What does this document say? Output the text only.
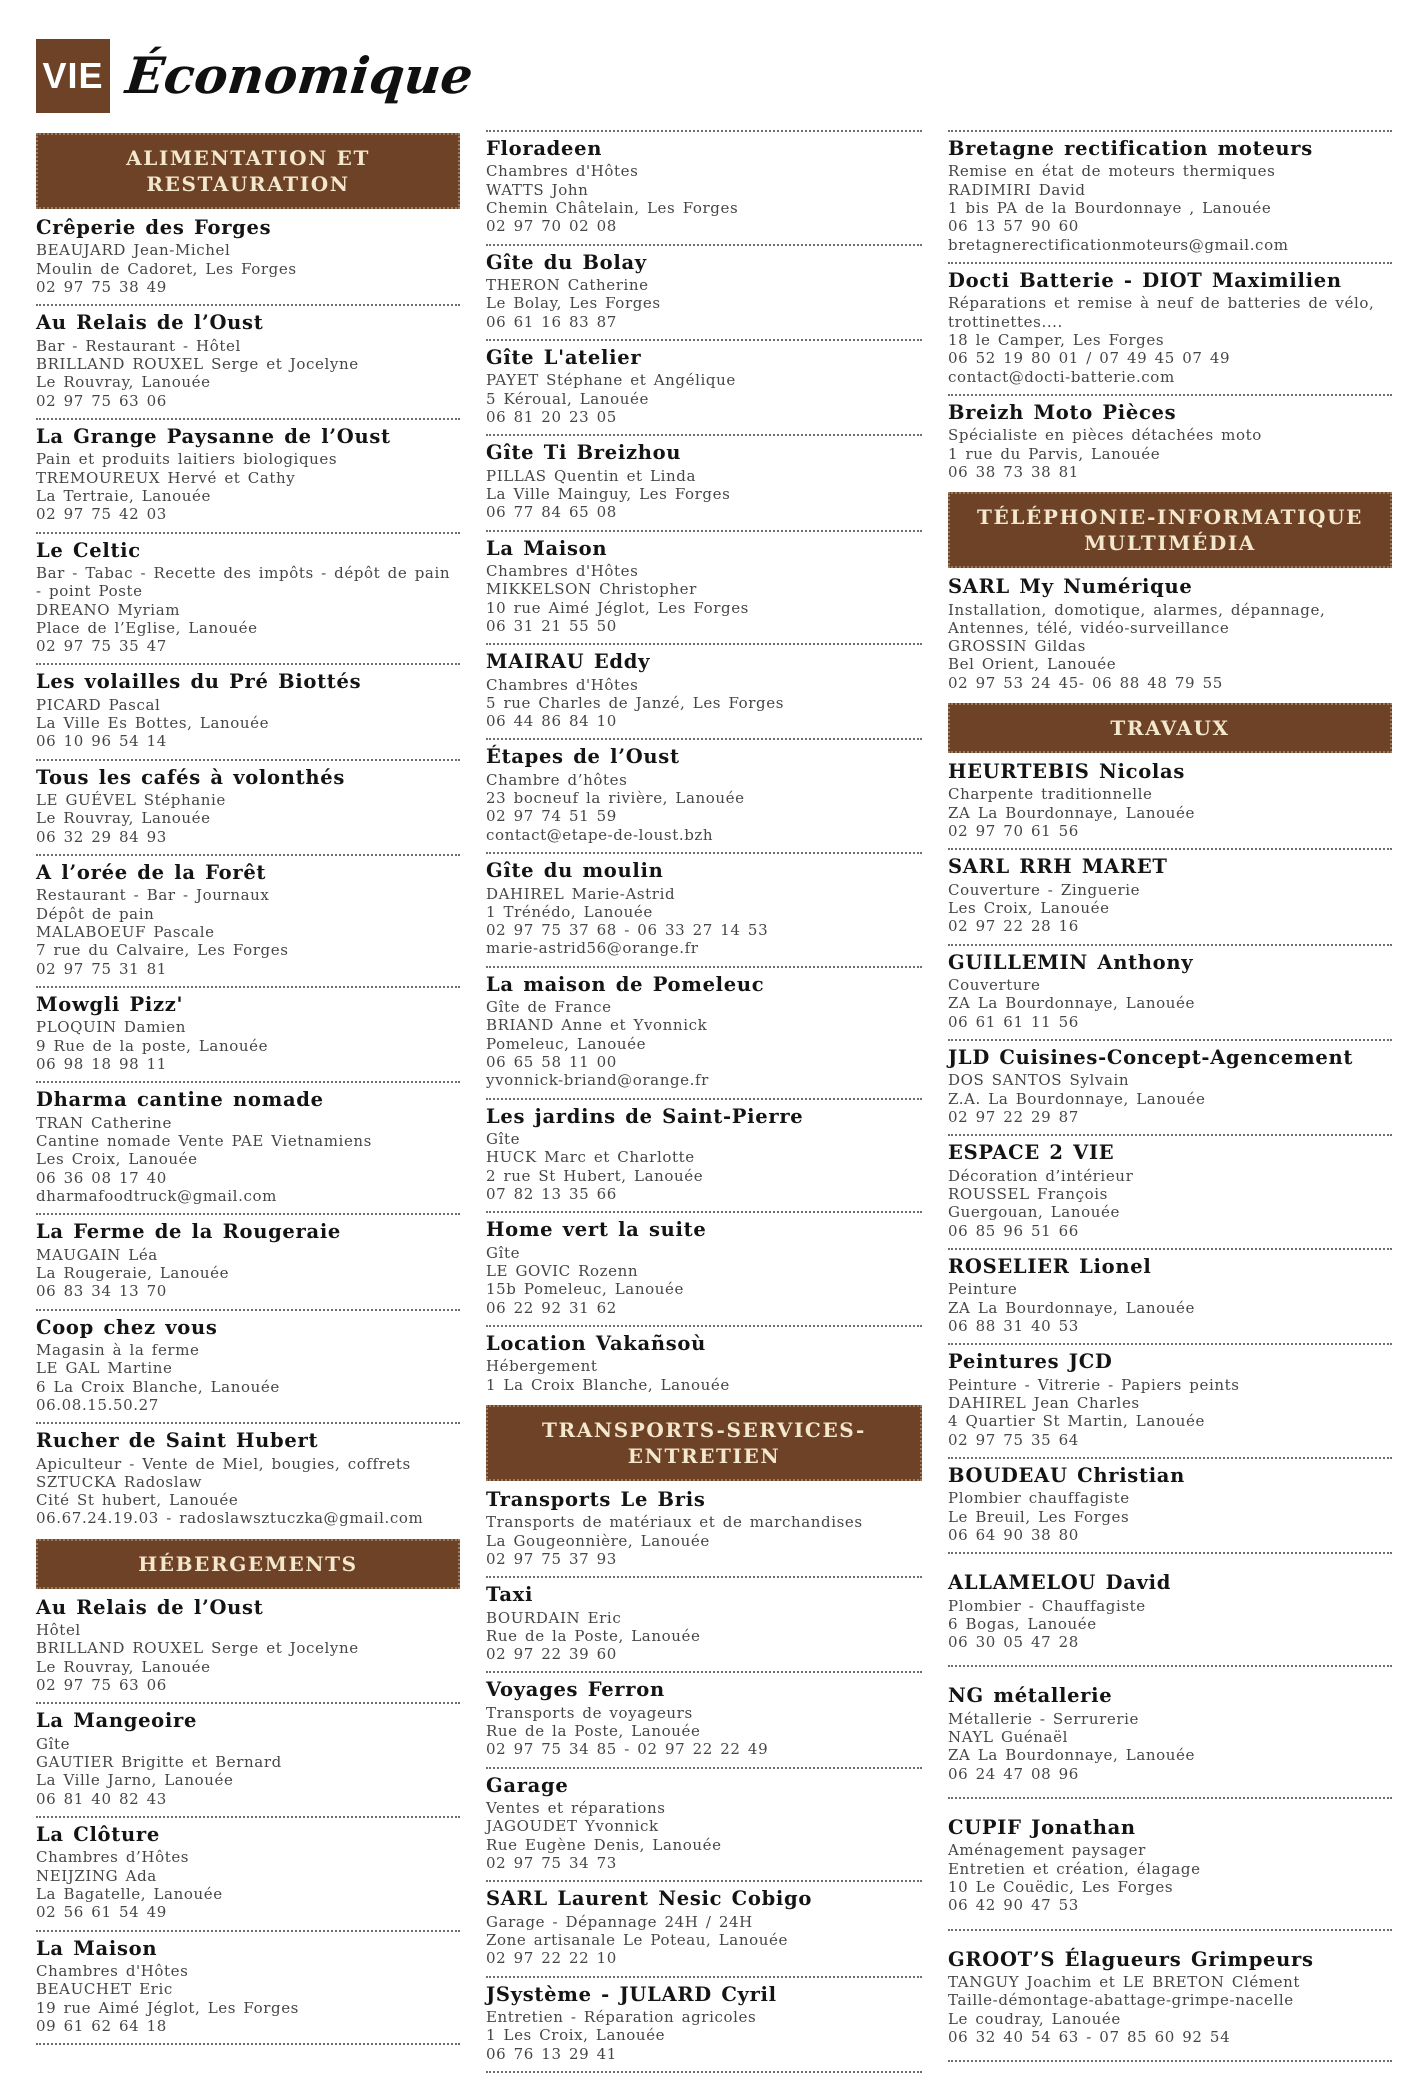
VIE Économique
ALIMENTATION ET RESTAURATION
Crêperie des Forges
BEAUJARD Jean-Michel
Moulin de Cadoret, Les Forges
02 97 75 38 49
Au Relais de l’Oust
Bar - Restaurant - Hôtel
BRILLAND ROUXEL Serge et Jocelyne
Le Rouvray, Lanouée
02 97 75 63 06
La Grange Paysanne de l’Oust
Pain et produits laitiers biologiques
TREMOUREUX Hervé et Cathy
La Tertraie, Lanouée
02 97 75 42 03
Le Celtic
Bar - Tabac - Recette des impôts - dépôt de pain - point Poste
DREANO Myriam
Place de l’Eglise, Lanouée
02 97 75 35 47
Les volailles du Pré Biottés
PICARD Pascal
La Ville Es Bottes, Lanouée
06 10 96 54 14
Tous les cafés à volonthés
LE GUÉVEL Stéphanie
Le Rouvray, Lanouée
06 32 29 84 93
A l’orée de la Forêt
Restaurant - Bar - Journaux
Dépôt de pain
MALABOEUF Pascale
7 rue du Calvaire, Les Forges
02 97 75 31 81
Mowgli Pizz'
PLOQUIN Damien
9 Rue de la poste, Lanouée
06 98 18 98 11
Dharma cantine nomade
TRAN Catherine
Cantine nomade Vente PAE Vietnamiens
Les Croix, Lanouée
06 36 08 17 40
dharmafoodtruck@gmail.com
La Ferme de la Rougeraie
MAUGAIN Léa
La Rougeraie, Lanouée
06 83 34 13 70
Coop chez vous
Magasin à la ferme
LE GAL Martine
6 La Croix Blanche, Lanouée
06.08.15.50.27
Rucher de Saint Hubert
Apiculteur - Vente de Miel, bougies, coffrets
SZTUCKA Radoslaw
Cité St hubert, Lanouée
06.67.24.19.03 - radoslawsztuczka@gmail.com
HÉBERGEMENTS
Au Relais de l’Oust
Hôtel
BRILLAND ROUXEL Serge et Jocelyne
Le Rouvray, Lanouée
02 97 75 63 06
La Mangeoire
Gîte
GAUTIER Brigitte et Bernard
La Ville Jarno, Lanouée
06 81 40 82 43
La Clôture
Chambres d’Hôtes
NEIJZING Ada
La Bagatelle, Lanouée
02 56 61 54 49
La Maison
Chambres d'Hôtes
BEAUCHET Eric
19 rue Aimé Jéglot, Les Forges
09 61 62 64 18
Floradeen
Chambres d'Hôtes
WATTS John
Chemin Châtelain, Les Forges
02 97 70 02 08
Gîte du Bolay
THERON Catherine
Le Bolay, Les Forges
06 61 16 83 87
Gîte L'atelier
PAYET Stéphane et Angélique
5 Kéroual, Lanouée
06 81 20 23 05
Gîte Ti Breizhou
PILLAS Quentin et Linda
La Ville Mainguy, Les Forges
06 77 84 65 08
La Maison
Chambres d'Hôtes
MIKKELSON Christopher
10 rue Aimé Jéglot, Les Forges
06 31 21 55 50
MAIRAU Eddy
Chambres d'Hôtes
5 rue Charles de Janzé, Les Forges
06 44 86 84 10
Étapes de l’Oust
Chambre d’hôtes
23 bocneuf la rivière, Lanouée
02 97 74 51 59
contact@etape-de-loust.bzh
Gîte du moulin
DAHIREL Marie-Astrid
1 Trénédo, Lanouée
02 97 75 37 68 - 06 33 27 14 53
marie-astrid56@orange.fr
La maison de Pomeleuc
Gîte de France
BRIAND Anne et Yvonnick
Pomeleuc, Lanouée
06 65 58 11 00
yvonnick-briand@orange.fr
Les jardins de Saint-Pierre
Gîte
HUCK Marc et Charlotte
2 rue St Hubert, Lanouée
07 82 13 35 66
Home vert la suite
Gîte
LE GOVIC Rozenn
15b Pomeleuc, Lanouée
06 22 92 31 62
Location Vakañsoù
Hébergement
1 La Croix Blanche, Lanouée
TRANSPORTS-SERVICES-ENTRETIEN
Transports Le Bris
Transports de matériaux et de marchandises
La Gougeonnière, Lanouée
02 97 75 37 93
Taxi
BOURDAIN Eric
Rue de la Poste, Lanouée
02 97 22 39 60
Voyages Ferron
Transports de voyageurs
Rue de la Poste, Lanouée
02 97 75 34 85 - 02 97 22 22 49
Garage
Ventes et réparations
JAGOUDET Yvonnick
Rue Eugène Denis, Lanouée
02 97 75 34 73
SARL Laurent Nesic Cobigo
Garage - Dépannage 24H / 24H
Zone artisanale Le Poteau, Lanouée
02 97 22 22 10
JSystème - JULARD Cyril
Entretien - Réparation agricoles
1 Les Croix, Lanouée
06 76 13 29 41
Bretagne rectification moteurs
Remise en état de moteurs thermiques
RADIMIRI David
1 bis PA de la Bourdonnaye , Lanouée
06 13 57 90 60
bretagnerectificationmoteurs@gmail.com
Docti Batterie - DIOT Maximilien
Réparations et remise à neuf de batteries de vélo, trottinettes....
18 le Camper, Les Forges
06 52 19 80 01 / 07 49 45 07 49
contact@docti-batterie.com
Breizh Moto Pièces
Spécialiste en pièces détachées moto
1 rue du Parvis, Lanouée
06 38 73 38 81
TÉLÉPHONIE-INFORMATIQUE MULTIMÉDIA
SARL My Numérique
Installation, domotique, alarmes, dépannage, Antennes, télé, vidéo-surveillance
GROSSIN Gildas
Bel Orient, Lanouée
02 97 53 24 45- 06 88 48 79 55
TRAVAUX
HEURTEBIS Nicolas
Charpente traditionnelle
ZA La Bourdonnaye, Lanouée
02 97 70 61 56
SARL RRH MARET
Couverture - Zinguerie
Les Croix, Lanouée
02 97 22 28 16
GUILLEMIN Anthony
Couverture
ZA La Bourdonnaye, Lanouée
06 61 61 11 56
JLD Cuisines-Concept-Agencement
DOS SANTOS Sylvain
Z.A. La Bourdonnaye, Lanouée
02 97 22 29 87
ESPACE 2 VIE
Décoration d’intérieur
ROUSSEL François
Guergouan, Lanouée
06 85 96 51 66
ROSELIER Lionel
Peinture
ZA La Bourdonnaye, Lanouée
06 88 31 40 53
Peintures JCD
Peinture - Vitrerie - Papiers peints
DAHIREL Jean Charles
4 Quartier St Martin, Lanouée
02 97 75 35 64
BOUDEAU Christian
Plombier chauffagiste
Le Breuil, Les Forges
06 64 90 38 80
ALLAMELOU David
Plombier - Chauffagiste
6 Bogas, Lanouée
06 30 05 47 28
NG métallerie
Métallerie - Serrurerie
NAYL Guénaël
ZA La Bourdonnaye, Lanouée
06 24 47 08 96
CUPIF Jonathan
Aménagement paysager
Entretien et création, élagage
10 Le Couëdic, Les Forges
06 42 90 47 53
GROOT’S Élagueurs Grimpeurs
TANGUY Joachim et LE BRETON Clément
Taille-démontage-abattage-grimpe-nacelle
Le coudray, Lanouée
06 32 40 54 63 - 07 85 60 92 54
